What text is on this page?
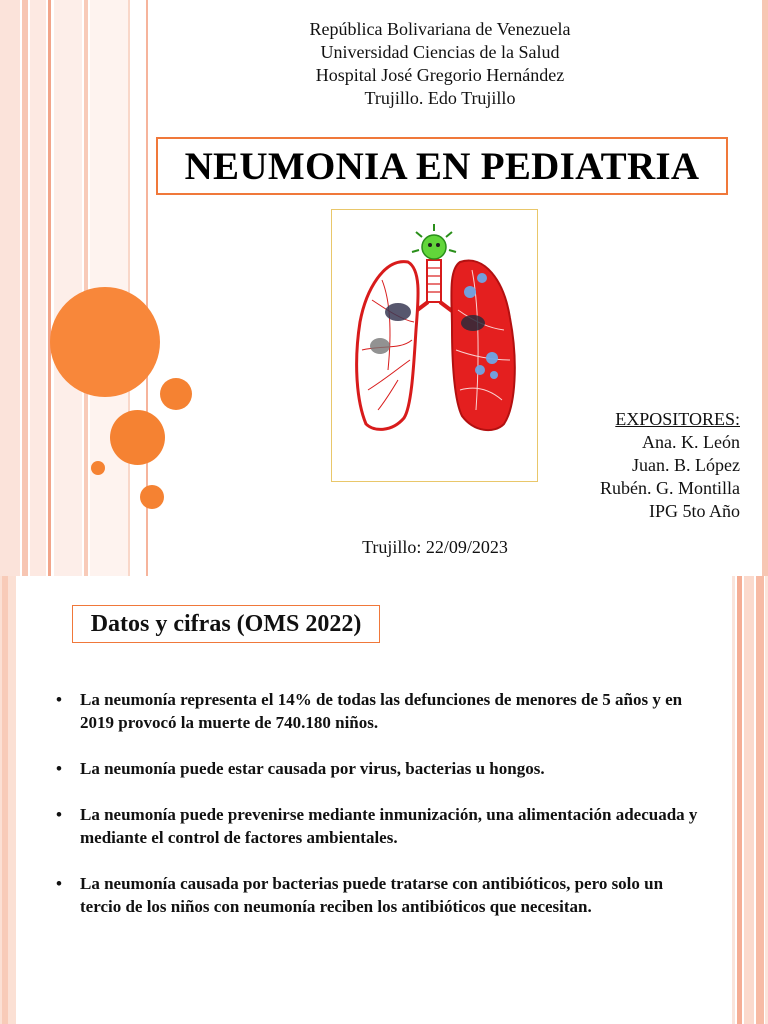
República Bolivariana de Venezuela
Universidad Ciencias de la Salud
Hospital José Gregorio Hernández
Trujillo. Edo Trujillo
NEUMONIA EN PEDIATRIA
EXPOSITORES:
Ana. K. León
Juan. B. López
Rubén. G. Montilla
IPG 5to Año
Trujillo: 22/09/2023
Datos y cifras (OMS 2022)
• La neumonía representa el 14% de todas las defunciones de menores de 5 años y en 2019 provocó la muerte de 740.180 niños.
• La neumonía puede estar causada por virus, bacterias u hongos.
• La neumonía puede prevenirse mediante inmunización, una alimentación adecuada y mediante el control de factores ambientales.
• La neumonía causada por bacterias puede tratarse con antibióticos, pero solo un tercio de los niños con neumonía reciben los antibióticos que necesitan.
